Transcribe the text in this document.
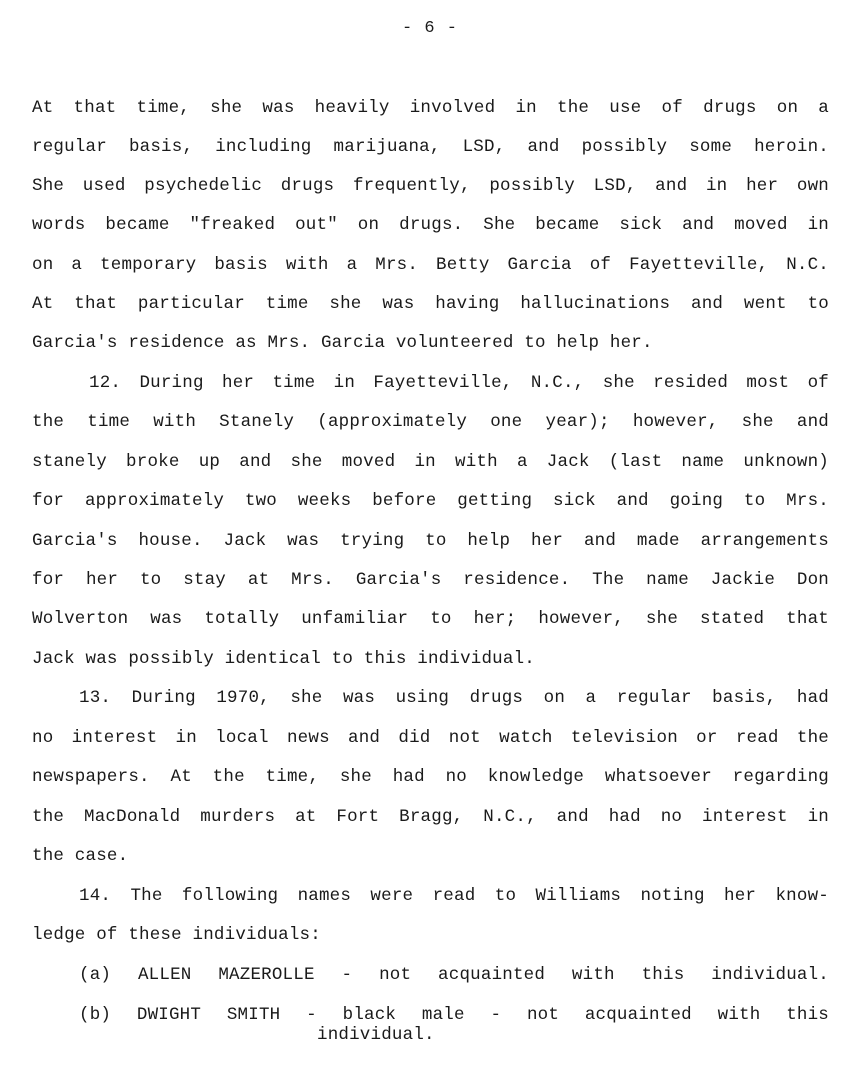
- 6 -
At that time, she was heavily involved in the use of drugs on a
regular basis, including marijuana, LSD, and possibly some heroin.
She used psychedelic drugs frequently, possibly LSD, and in her own
words became "freaked out" on drugs. She became sick and moved in
on a temporary basis with a Mrs. Betty Garcia of Fayetteville, N.C.
At that particular time she was having hallucinations and went to
Garcia's residence as Mrs. Garcia volunteered to help her.
12. During her time in Fayetteville, N.C., she resided most of
the time with Stanely (approximately one year); however, she and
stanely broke up and she moved in with a Jack (last name unknown)
for approximately two weeks before getting sick and going to Mrs.
Garcia's house. Jack was trying to help her and made arrangements
for her to stay at Mrs. Garcia's residence. The name Jackie Don
Wolverton was totally unfamiliar to her; however, she stated that
Jack was possibly identical to this individual.
13. During 1970, she was using drugs on a regular basis, had
no interest in local news and did not watch television or read the
newspapers. At the time, she had no knowledge whatsoever regarding
the MacDonald murders at Fort Bragg, N.C., and had no interest in
the case.
14. The following names were read to Williams noting her know-
ledge of these individuals:
(a) ALLEN MAZEROLLE - not acquainted with this individual.
(b) DWIGHT SMITH - black male - not acquainted with this
individual.
